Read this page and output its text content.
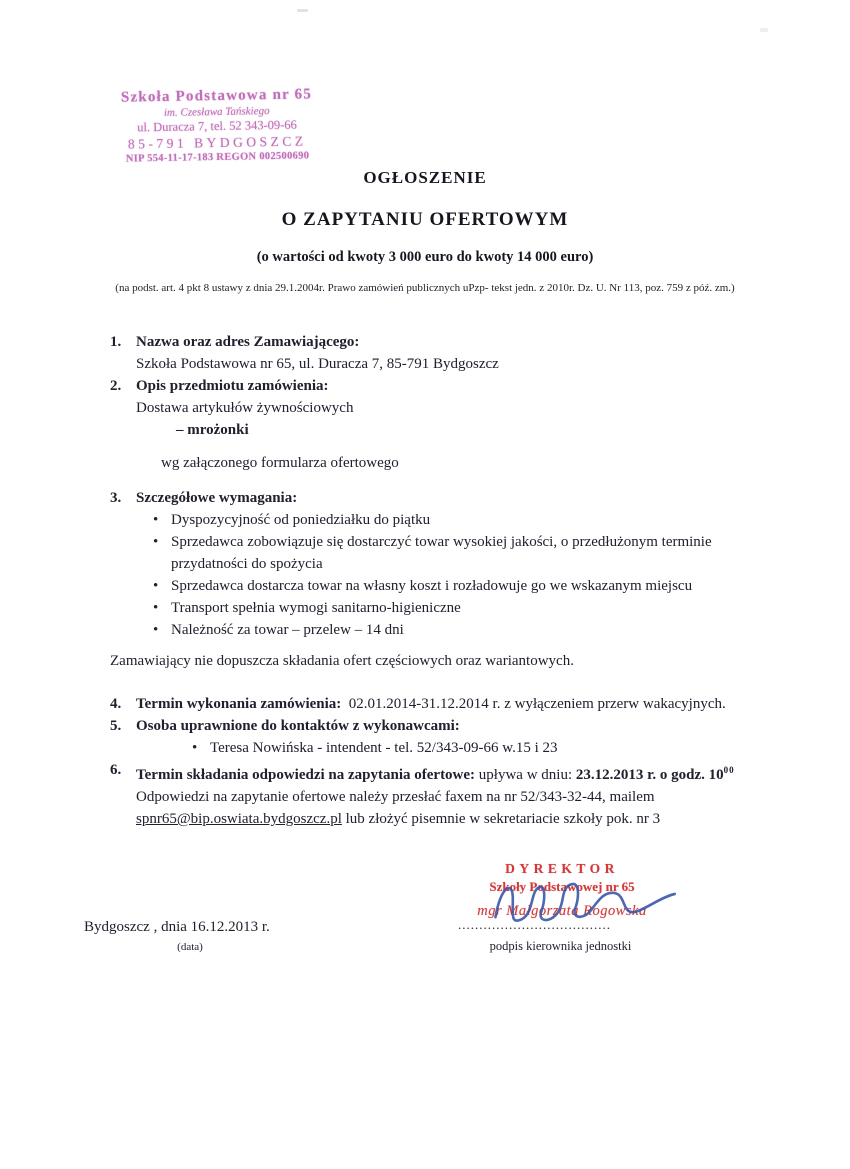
Szkoła Podstawowa nr 65
im. Czesława Tańskiego
ul. Duracza 7, tel. 52 343-09-66
85-791 BYDGOSZCZ
NIP 554-11-17-183 REGON 002500690
OGŁOSZENIE
O ZAPYTANIU OFERTOWYM
(o wartości od kwoty 3 000 euro do kwoty 14 000 euro)
(na podst. art. 4 pkt 8 ustawy z dnia 29.1.2004r. Prawo zamówień publicznych uPzp- tekst jedn. z 2010r. Dz. U. Nr 113, poz. 759 z póź. zm.)
1. Nazwa oraz adres Zamawiającego:
Szkoła Podstawowa nr 65, ul. Duracza 7, 85-791 Bydgoszcz
2. Opis przedmiotu zamówienia:
Dostawa artykułów żywnościowych
– mrożonki
wg załączonego formularza ofertowego
3. Szczegółowe wymagania:
• Dyspozycyjność od poniedziałku do piątku
• Sprzedawca zobowiązuje się dostarczyć towar wysokiej jakości, o przedłużonym terminie przydatności do spożycia
• Sprzedawca dostarcza towar na własny koszt i rozładowuje go we wskazanym miejscu
• Transport spełnia wymogi sanitarno-higieniczne
• Należność za towar – przelew – 14 dni
Zamawiający nie dopuszcza składania ofert częściowych oraz wariantowych.
4. Termin wykonania zamówienia: 02.01.2014-31.12.2014 r. z wyłączeniem przerw wakacyjnych.
5. Osoba uprawnione do kontaktów z wykonawcami:
• Teresa Nowińska - intendent - tel. 52/343-09-66 w.15 i 23
6. Termin składania odpowiedzi na zapytania ofertowe: upływa w dniu: 23.12.2013 r. o godz. $10^{00}$
Odpowiedzi na zapytanie ofertowe należy przesłać faxem na nr 52/343-32-44, mailem
spnr65@bip.oswiata.bydgoszcz.pl lub złożyć pisemnie w sekretariacie szkoły pok. nr 3
Bydgoszcz , dnia 16.12.2013 r.
(data)
DYREKTOR
Szkoły Podstawowej nr 65
mgr Małgorzata Rogowska
....................................
podpis kierownika jednostki
